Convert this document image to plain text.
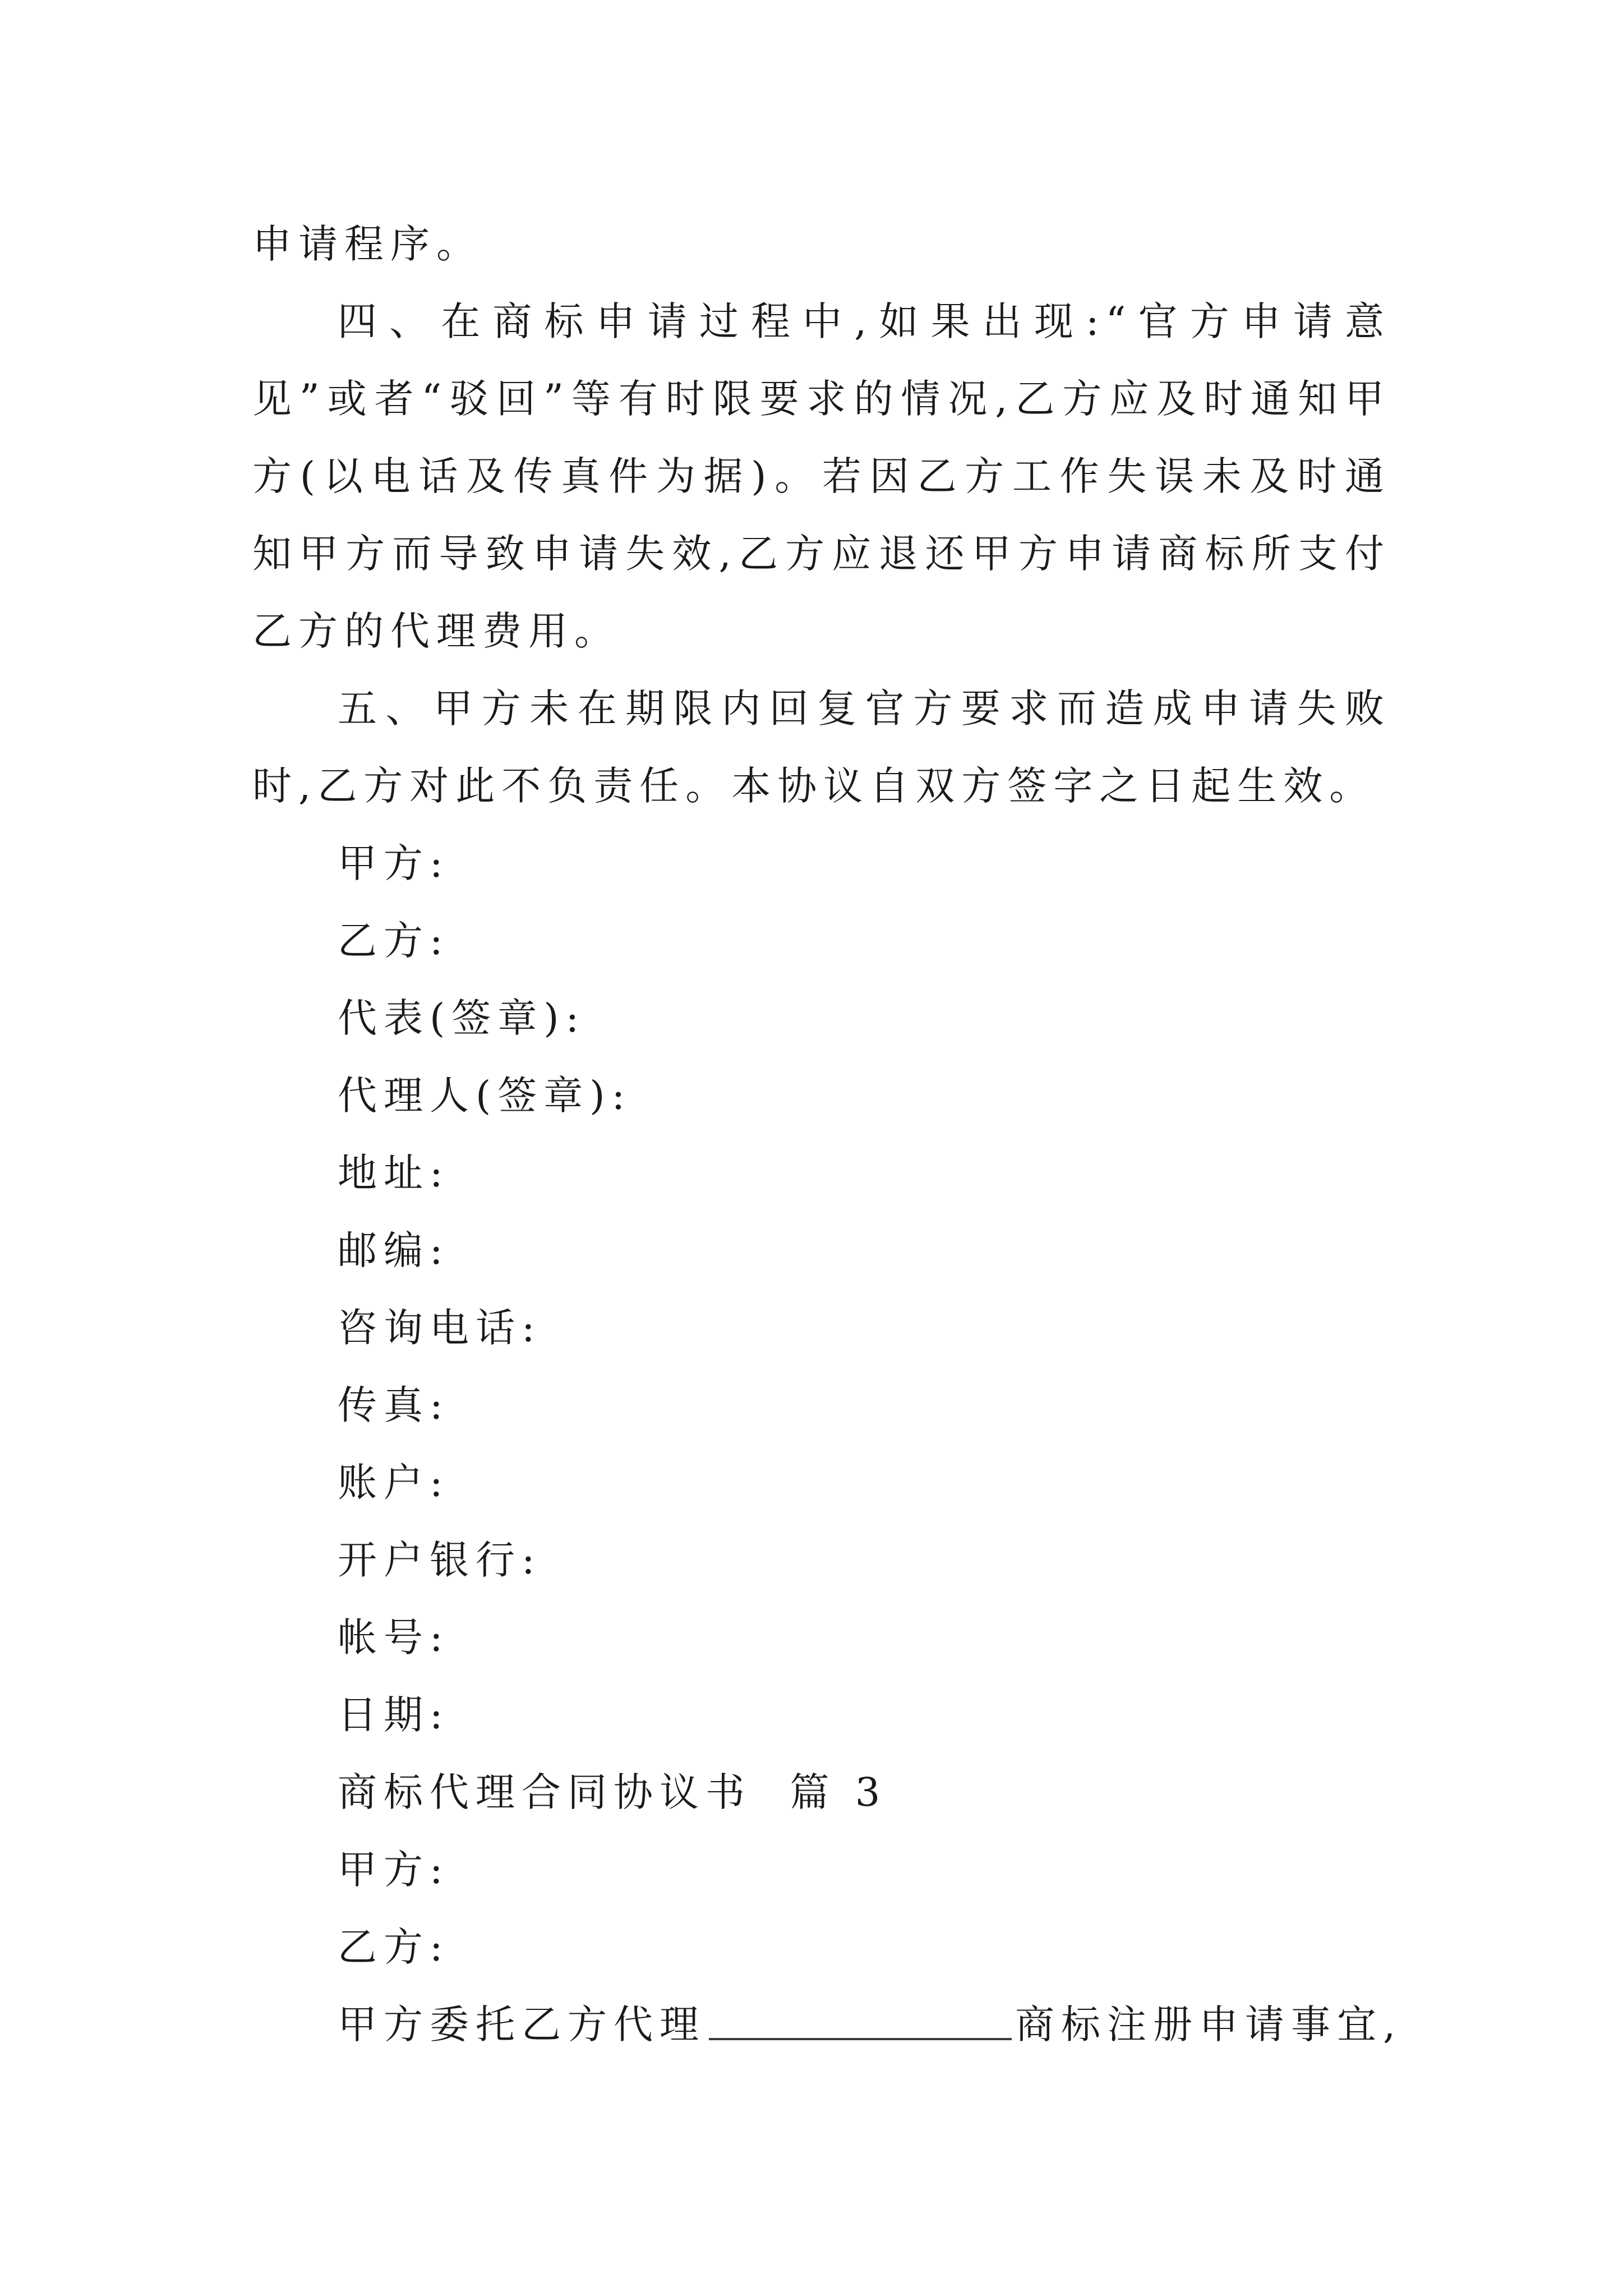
申请程序。

四、在商标申请过程中,如果出现:“官方申请意见”或者“驳回”等有时限要求的情况,乙方应及时通知甲方(以电话及传真件为据)。若因乙方工作失误未及时通知甲方而导致申请失效,乙方应退还甲方申请商标所支付乙方的代理费用。

五、甲方未在期限内回复官方要求而造成申请失败时,乙方对此不负责任。本协议自双方签字之日起生效。

甲方:

乙方:

代表(签章):

代理人(签章):

地址:

邮编:

咨询电话:

传真:

账户:

开户银行:

帐号:

日期:

商标代理合同协议书  篇 3

甲方:

乙方:

甲方委托乙方代理	商标注册申请事宜,
